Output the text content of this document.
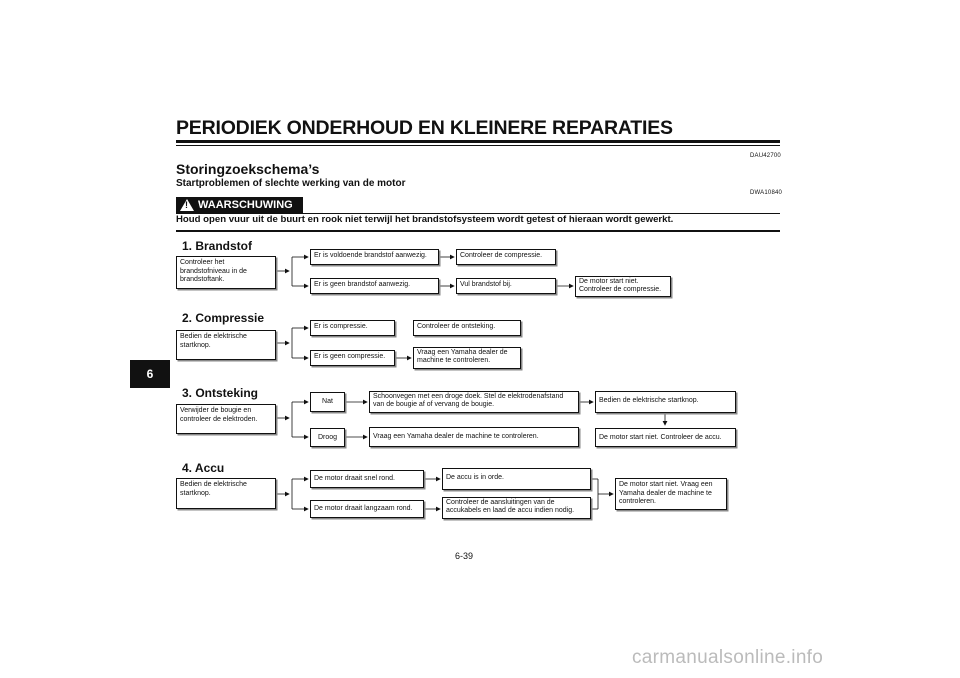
PERIODIEK ONDERHOUD EN KLEINERE REPARATIES
DAU42700
Storingzoekschema’s
Startproblemen of slechte werking van de motor
DWA10840
!
WAARSCHUWING
Houd open vuur uit de buurt en rook niet terwijl het brandstofsysteem wordt getest of hieraan wordt gewerkt.
6
1. Brandstof
Controleer het brandstofniveau in de brandstoftank.
Er is voldoende brandstof aanwezig.	Controleer de compressie.
Er is geen brandstof aanwezig.	Vul brandstof bij.	De motor start niet.
Controleer de compressie.
2. Compressie
Bedien de elektrische startknop.
Er is compressie.	Controleer de ontsteking.
Er is geen compressie.
Vraag een Yamaha dealer de machine te controleren.
3. Ontsteking
Verwijder de bougie en controleer de elektroden.
Nat
Schoonvegen met een droge doek. Stel de elektrodenafstand van de bougie af of vervang de bougie.
Bedien de elektrische startknop.
Droog	Vraag een Yamaha dealer de machine te controleren.	De motor start niet. Controleer de accu.
4. Accu
Bedien de elektrische startknop.
De motor draait snel rond.	De accu is in orde.
De motor draait langzaam rond.
Controleer de aansluitingen van de accukabels en laad de accu indien nodig.
De motor start niet. Vraag een Yamaha dealer de machine te controleren.
6-39
carmanualsonline.info
